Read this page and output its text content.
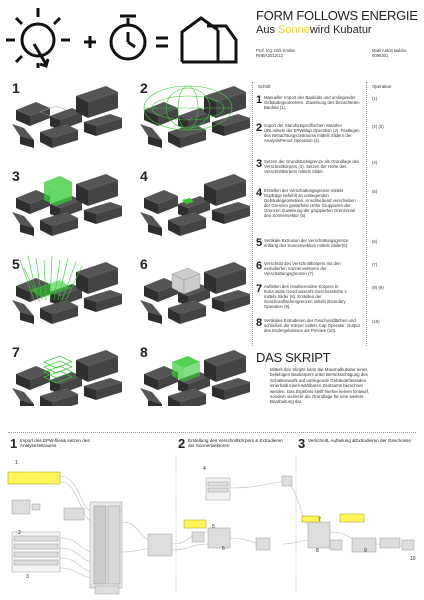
FORM FOLLOWS ENERGIE
Aus Sonnewird Kubatur
Prof. Ing. Dirk Krutke
RHBA2012/13
Mats Anton Balcke
0095301
1	2
3	4
5	6
7	8
Schritt	Operation
1 Manueller Import des Baufelds und umliegender Gebäudegeometrien. Zuweisung des betrachteten Baufeld (1).
(1)
2 Import der Standortspezifischen Weather URLmittels der EPWMap Operation (2). Festlegen des Betrachtungszeitraums mittels Slidern der AnalysisPeriod Operation (3).
(2) (3)
3 Setzen der Grundstücksgrenze als Grundlage des Verschnittkörpers (4). Setzen der Höhe des Verschnittkörpers mittels Slider.
(4)
4 Erstellen der Verschattungsgrenze mittels DupEdge befiehlt an umliegenden Gebäudegeometrien. Anschließend verschieben der Grenzen gewürfelte Höhe Gruppieren der Grenzen Zuweisung der gruppierten Grenzenan den Sonnenvektor (5).
(5)
5 Vertikale Extrusion der Verschattungsgrenze entlang des Sonnenvektors mittels Slider(6).
(6)
6 Verschnitt des Verschnittkörpers mit den extrudierten Sonnenvektoren der Verschattungsgrenzen (7).
(7)
7 Aufteilen des resultierenden Körpers in horizontale Geschossenhl Geschosshöhe s mittels Slider (8). Erstellen der Geschossflächengrenzen mittels Boundary Operation (9).
(8) (9)
8 Vertikales Extrudieren der Geschossflächen und schließen der Körper mittels Cap Operator. Output des Endergebnisses als Preview (10).
(10)
DAS SKRIPT
Mittels des Skripts kann die Maximalkubatur eines beliebigen Baukörpers unter Berücksichtigung des Schattenwurfs auf umliegende Gebäudefassaden innerhalb eines wählbaren Zeitraums berechnet werden. Das Ergebnis stellt hierbei keinen Entwurf, sondern vielmehr die Grundlage für eine weitere Bearbeitung dar.
1 Import des EPW-files& setzen des Analysezeitraums	2 Erstellung des Verschnittkörpers & Extrudieren der Sonnenvektoren	3 Verschnitt, Aufteilung &Extrudieren der Geschosse
1
2
3
4
5
6
7
8	9
10
